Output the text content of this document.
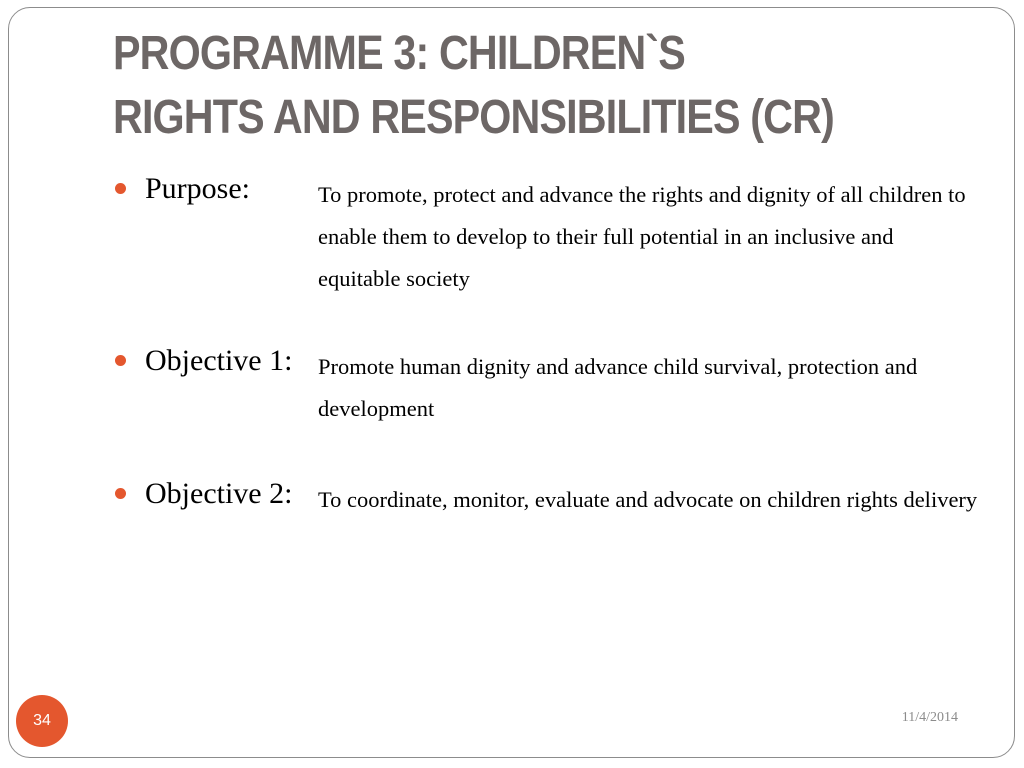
PROGRAMME 3: CHILDREN`S
RIGHTS AND RESPONSIBILITIES (CR)
Purpose:	To promote, protect and advance the rights and dignity of all children to enable them to develop to their full potential in an inclusive and equitable society
Objective 1: Promote human dignity and advance child survival, protection and development
Objective 2: To coordinate, monitor, evaluate and advocate on children rights delivery
34	11/4/2014
